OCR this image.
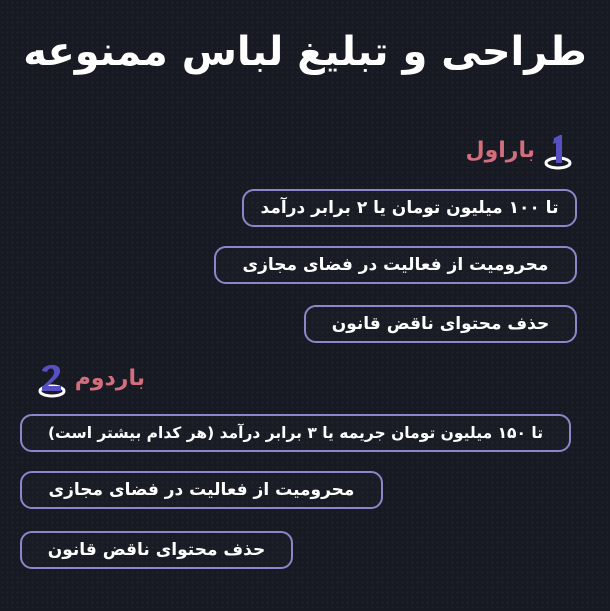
طراحی و تبلیغ لباس ممنوعه
باراول
تا ۱۰۰ میلیون تومان یا ۲ برابر درآمد
محرومیت از فعالیت در فضای مجازی
حذف محتوای ناقض قانون
باردوم
تا ۱۵۰ میلیون تومان جریمه یا ۳ برابر درآمد (هر کدام بیشتر است)
محرومیت از فعالیت در فضای مجازی
حذف محتوای ناقض قانون
